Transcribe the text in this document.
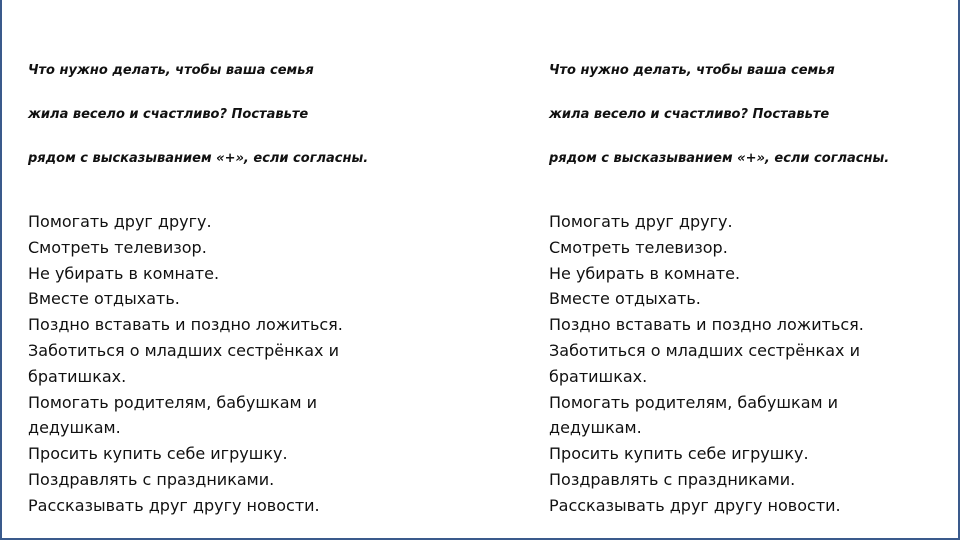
Что нужно делать, чтобы ваша семья

жила весело и счастливо? Поставьте

рядом с высказыванием «+», если согласны.

Помогать друг другу.
Смотреть телевизор.
Не убирать в комнате.
Вместе отдыхать.
Поздно вставать и поздно ложиться.
Заботиться о младших сестрёнках и
братишках.
Помогать родителям, бабушкам и
дедушкам.
Просить купить себе игрушку.
Поздравлять с праздниками.
Рассказывать друг другу новости.

Что нужно делать, чтобы ваша семья

жила весело и счастливо? Поставьте

рядом с высказыванием «+», если согласны.

Помогать друг другу.
Смотреть телевизор.
Не убирать в комнате.
Вместе отдыхать.
Поздно вставать и поздно ложиться.
Заботиться о младших сестрёнках и
братишках.
Помогать родителям, бабушкам и
дедушкам.
Просить купить себе игрушку.
Поздравлять с праздниками.
Рассказывать друг другу новости.
